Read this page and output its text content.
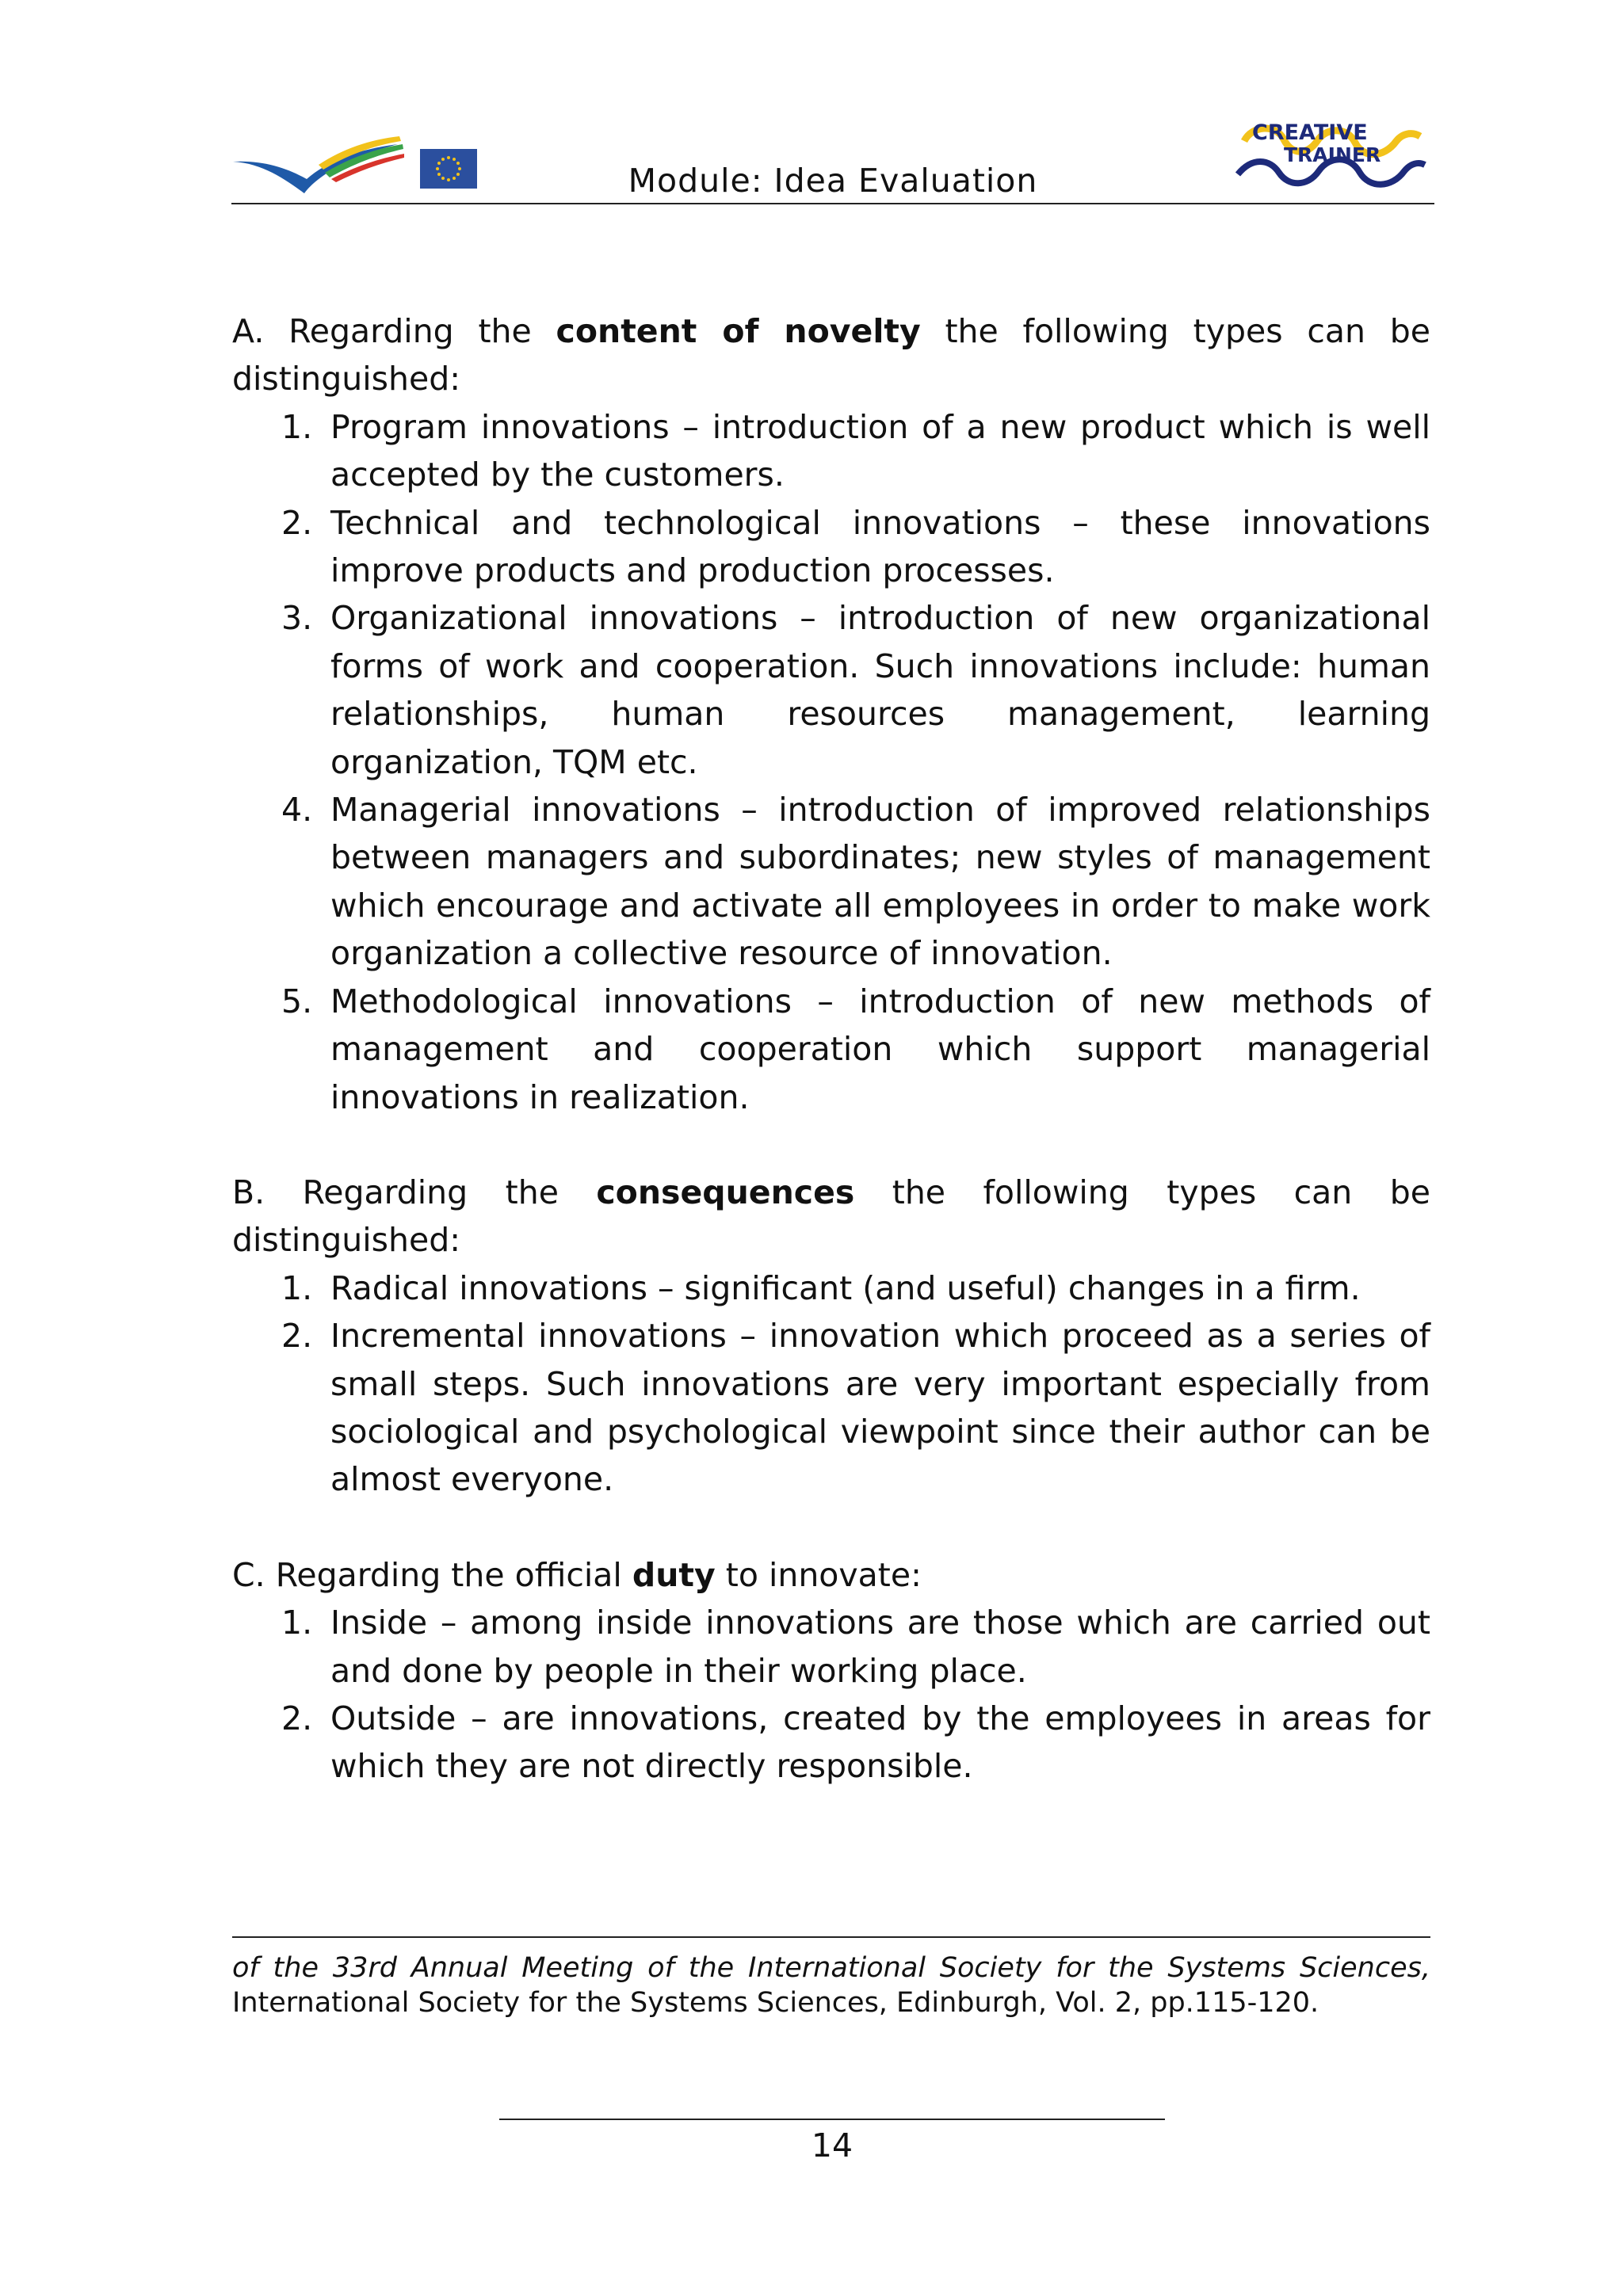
Module: Idea Evaluation
CREATIVE
TRAINER

A. Regarding the content of novelty the following types can be distinguished:

1. Program innovations – introduction of a new product which is well accepted by the customers.
2. Technical and technological innovations – these innovations improve products and production processes.
3. Organizational innovations – introduction of new organizational forms of work and cooperation. Such innovations include: human relationships, human resources management, learning organization, TQM etc.
4. Managerial innovations – introduction of improved relationships between managers and subordinates; new styles of management which encourage and activate all employees in order to make work organization a collective resource of innovation.
5. Methodological innovations – introduction of new methods of management and cooperation which support managerial innovations in realization.

B. Regarding the consequences the following types can be distinguished:

1. Radical innovations – significant (and useful) changes in a firm.
2. Incremental innovations – innovation which proceed as a series of small steps. Such innovations are very important especially from sociological and psychological viewpoint since their author can be almost everyone.

C. Regarding the official duty to innovate:

1. Inside – among inside innovations are those which are carried out and done by people in their working place.
2. Outside – are innovations, created by the employees in areas for which they are not directly responsible.
of the 33rd Annual Meeting of the International Society for the Systems Sciences,
International Society for the Systems Sciences, Edinburgh, Vol. 2, pp.115-120.
14
